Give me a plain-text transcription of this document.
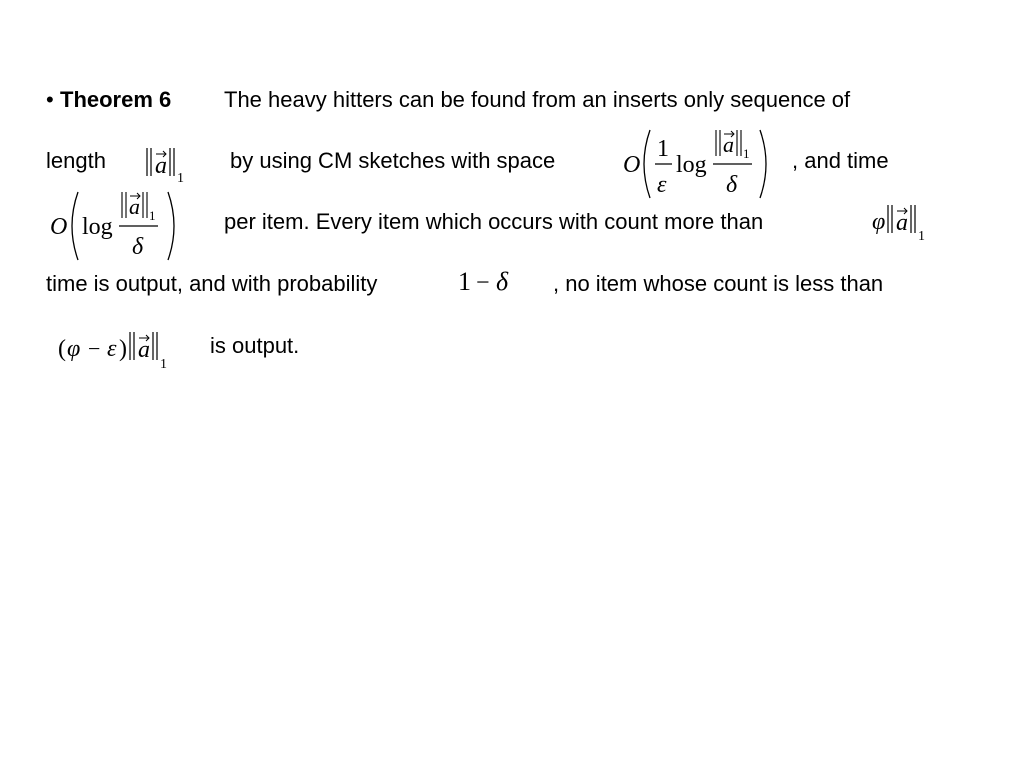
• Theorem 6 The heavy hitters can be found from an inserts only sequence of
length a 1
by using CM sketches with space	O
1
ε
log
a 1
δ
, and time
O log
a 1
δ
per item. Every item which occurs with count more than	φ a
1
time is output, and with probability	1 − δ , no item whose count is less than
( φ − ε ) a
1
is output.
